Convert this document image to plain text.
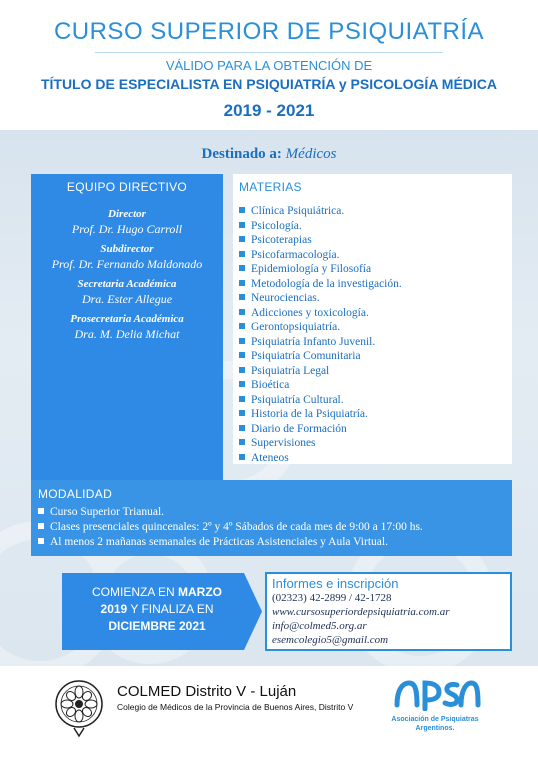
CURSO SUPERIOR DE PSIQUIATRÍA
VÁLIDO PARA LA OBTENCIÓN DE
TÍTULO DE ESPECIALISTA EN PSIQUIATRÍA y PSICOLOGÍA MÉDICA
2019 - 2021
Destinado a: Médicos
EQUIPO DIRECTIVO
Director
Prof. Dr. Hugo Carroll
Subdirector
Prof. Dr. Fernando Maldonado
Secretaria Académica
Dra. Ester Allegue
Prosecretaria Académica
Dra. M. Delia Michat
MATERIAS
Clínica Psiquiátrica.
Psicología.
Psicoterapias
Psicofarmacología.
Epidemiología y Filosofía
Metodología de la investigación.
Neurociencias.
Adicciones y toxicología.
Gerontopsiquiatría.
Psiquiatría Infanto Juvenil.
Psiquiatría Comunitaria
Psiquiatría Legal
Bioética
Psiquiatría Cultural.
Historia de la Psiquiatría.
Diario de Formación
Supervisiones
Ateneos
MODALIDAD
Curso Superior Trianual.
Clases presenciales quincenales: 2º y 4º Sábados de cada mes de 9:00 a 17:00 hs.
Al menos 2 mañanas semanales de Prácticas Asistenciales y Aula Virtual.
COMIENZA EN MARZO
2019 Y FINALIZA EN
DICIEMBRE 2021
Informes e inscripción
(02323) 42-2899 / 42-1728
www.cursosuperiordepsiquiatria.com.ar
info@colmed5.org.ar
esemcolegio5@gmail.com
COLMED Distrito V - Luján
Colegio de Médicos de la Provincia de Buenos Aires, Distrito V
Asociación de Psiquiatras Argentinos.
